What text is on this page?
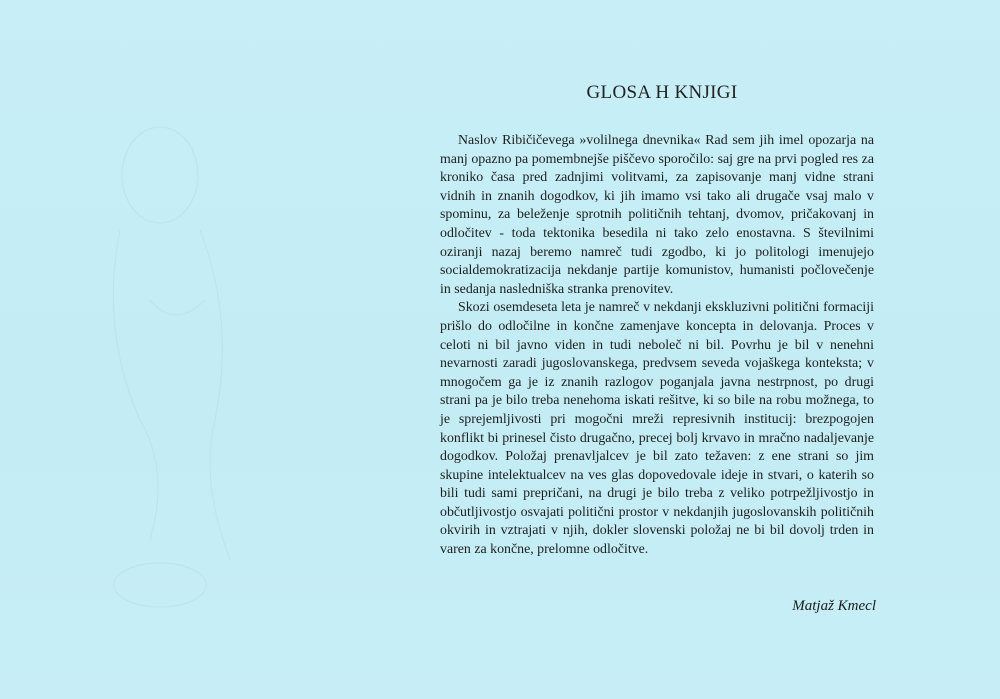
GLOSA H KNJIGI

Naslov Ribičičevega »volilnega dnevnika« Rad sem jih imel opozarja na manj opazno pa pomembnejše piščevo sporočilo: saj gre na prvi pogled res za kroniko časa pred zadnjimi volitvami, za zapisovanje manj vidne strani vidnih in znanih dogodkov, ki jih imamo vsi tako ali drugače vsaj malo v spominu, za beleženje sprotnih političnih tehtanj, dvomov, pričakovanj in odločitev - toda tektonika besedila ni tako zelo enostavna. S številnimi oziranji nazaj beremo namreč tudi zgodbo, ki jo politologi imenujejo socialdemokratizacija nekdanje partije komunistov, humanisti počlovečenje in sedanja nasledniška stranka prenovitev.

Skozi osemdeseta leta je namreč v nekdanji ekskluzivni politični formaciji prišlo do odločilne in končne zamenjave koncepta in delovanja. Proces v celoti ni bil javno viden in tudi neboleč ni bil. Povrhu je bil v nenehni nevarnosti zaradi jugoslovanskega, predvsem seveda vojaškega konteksta; v mnogočem ga je iz znanih razlogov poganjala javna nestrpnost, po drugi strani pa je bilo treba nenehoma iskati rešitve, ki so bile na robu možnega, to je sprejemljivosti pri mogočni mreži represivnih institucij: brezpogojen konflikt bi prinesel čisto drugačno, precej bolj krvavo in mračno nadaljevanje dogodkov. Položaj prenavljalcev je bil zato težaven: z ene strani so jim skupine intelektualcev na ves glas dopovedovale ideje in stvari, o katerih so bili tudi sami prepričani, na drugi je bilo treba z veliko potrpežljivostjo in občutljivostjo osvajati politični prostor v nekdanjih jugoslovanskih političnih okvirih in vztrajati v njih, dokler slovenski položaj ne bi bil dovolj trden in varen za končne, prelomne odločitve.

Matjaž Kmecl
